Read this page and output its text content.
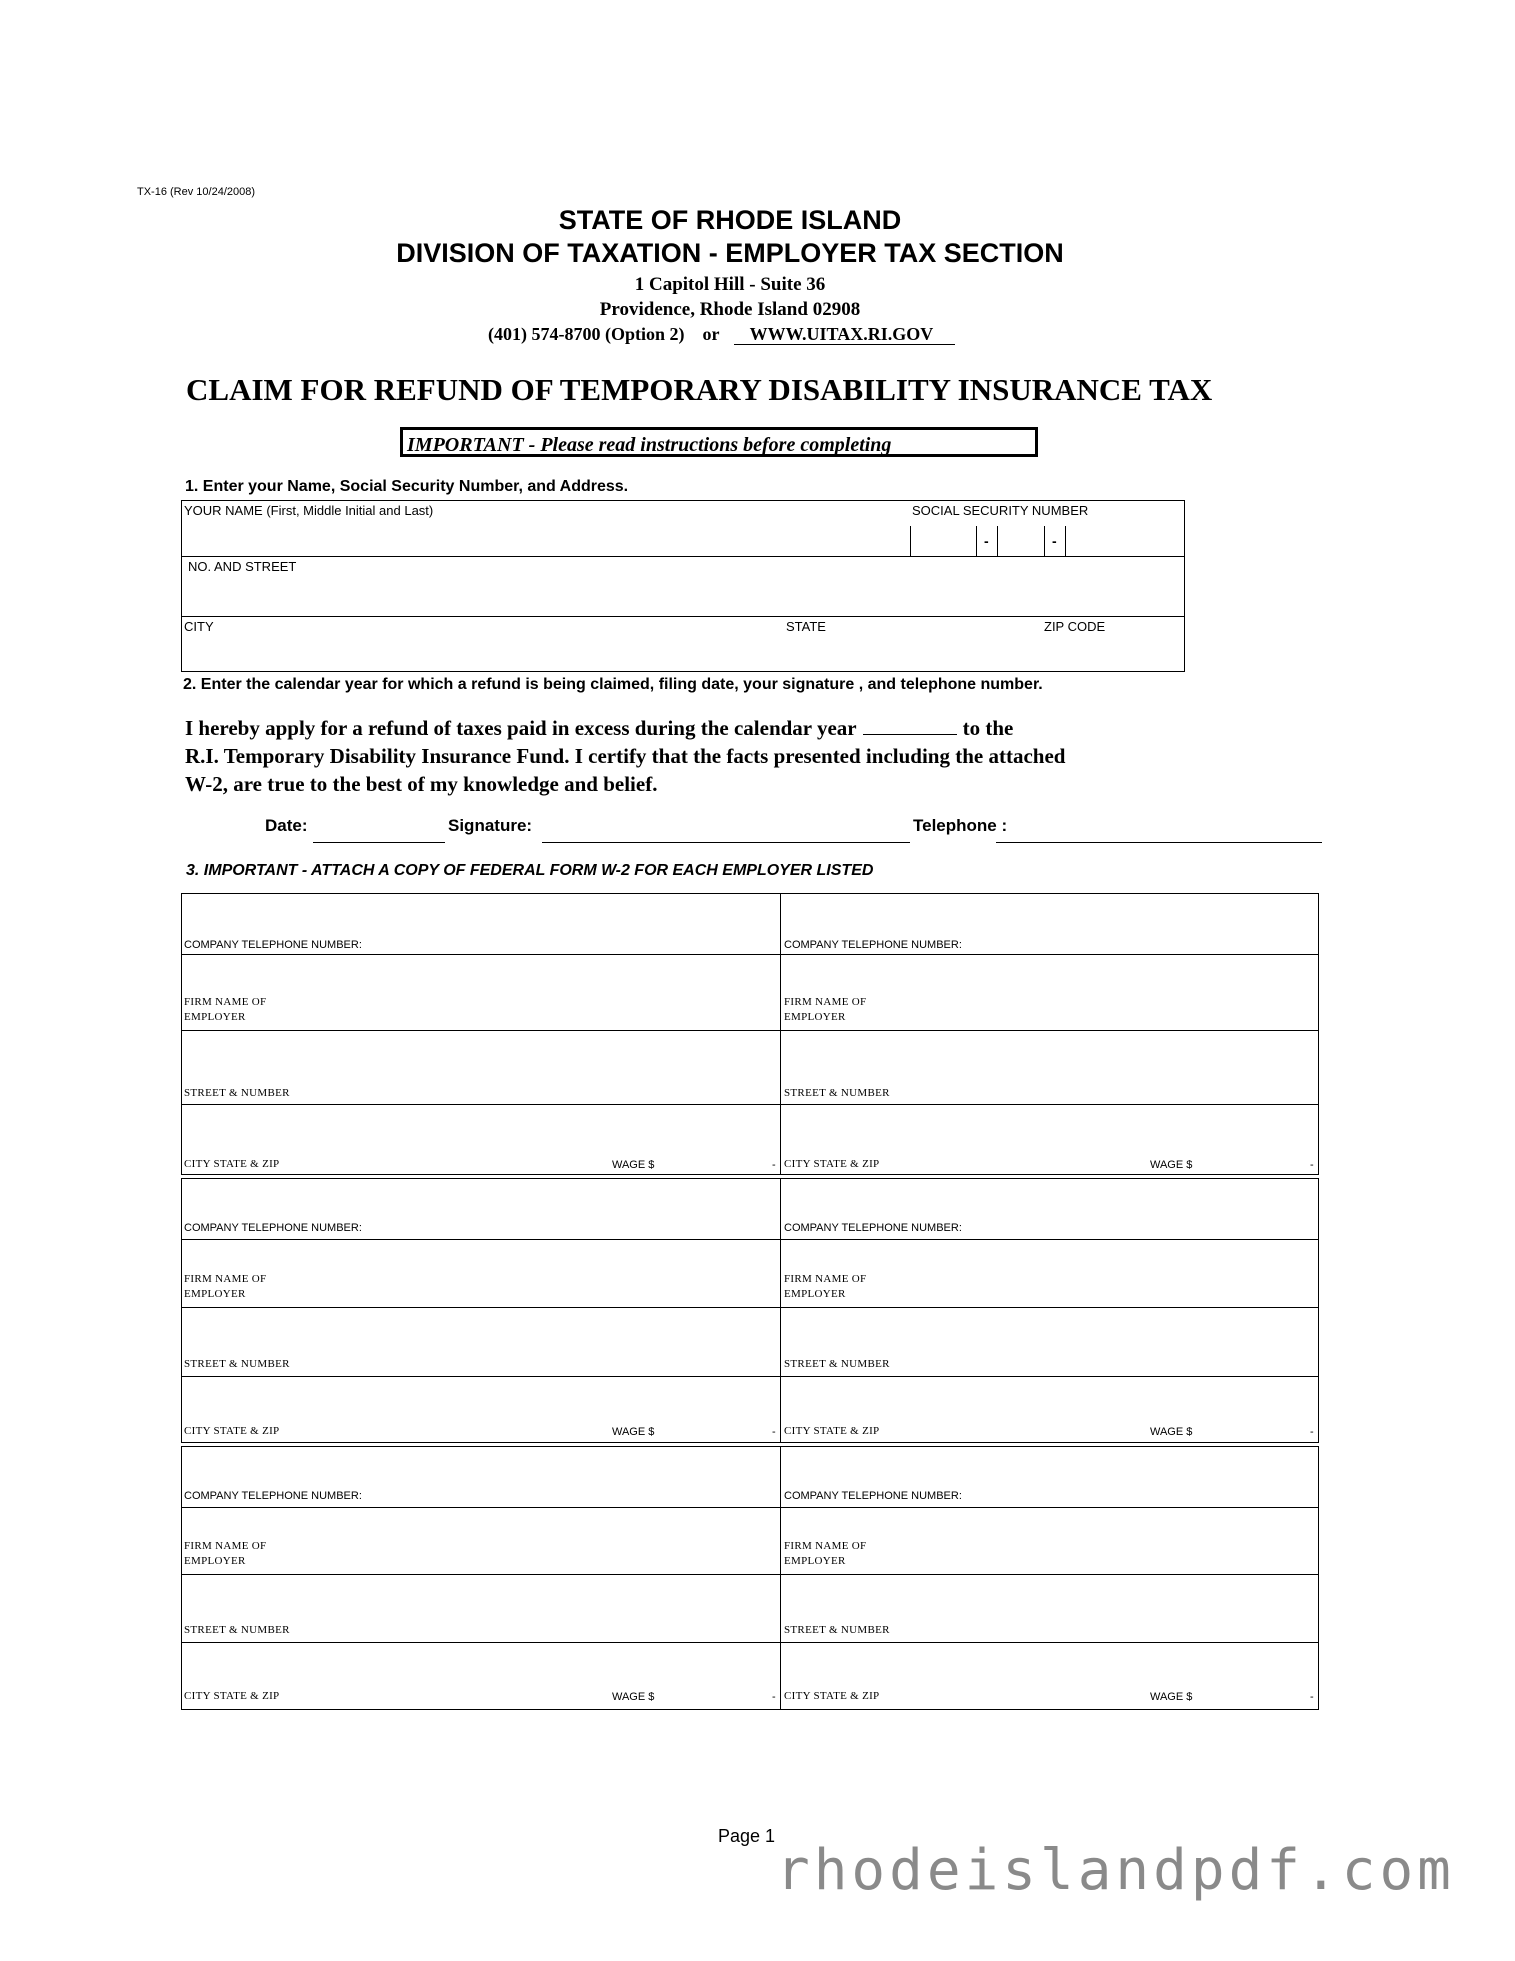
TX-16 (Rev 10/24/2008)
STATE OF RHODE ISLAND
DIVISION OF TAXATION - EMPLOYER TAX SECTION
1 Capitol Hill - Suite 36
Providence, Rhode Island 02908
(401) 574-8700 (Option 2) or WWW.UITAX.RI.GOV
CLAIM FOR REFUND OF TEMPORARY DISABILITY INSURANCE TAX
IMPORTANT - Please read instructions before completing
1. Enter your Name, Social Security Number, and Address.
YOUR NAME (First, Middle Initial and Last)	SOCIAL SECURITY NUMBER
-	-
NO. AND STREET
CITY	STATE	ZIP CODE
2. Enter the calendar year for which a refund is being claimed, filing date, your signature , and telephone number.
I hereby apply for a refund of taxes paid in excess during the calendar year	to the
R.I. Temporary Disability Insurance Fund. I certify that the facts presented including the attached
W-2, are true to the best of my knowledge and belief.
Date:	Signature:	Telephone :
3. IMPORTANT - ATTACH A COPY OF FEDERAL FORM W-2 FOR EACH EMPLOYER LISTED
COMPANY TELEPHONE NUMBER:
FIRM NAME OF
EMPLOYER
STREET & NUMBER
CITY STATE & ZIP	WAGE $	-
COMPANY TELEPHONE NUMBER:
FIRM NAME OF
EMPLOYER
STREET & NUMBER
CITY STATE & ZIP	WAGE $	-
COMPANY TELEPHONE NUMBER:
FIRM NAME OF
EMPLOYER
STREET & NUMBER
CITY STATE & ZIP	WAGE $	-
COMPANY TELEPHONE NUMBER:
FIRM NAME OF
EMPLOYER
STREET & NUMBER
CITY STATE & ZIP	WAGE $	-
COMPANY TELEPHONE NUMBER:
FIRM NAME OF
EMPLOYER
STREET & NUMBER
CITY STATE & ZIP	WAGE $	-
COMPANY TELEPHONE NUMBER:
FIRM NAME OF
EMPLOYER
STREET & NUMBER
CITY STATE & ZIP	WAGE $	-
Page 1
rhodeislandpdf.com
